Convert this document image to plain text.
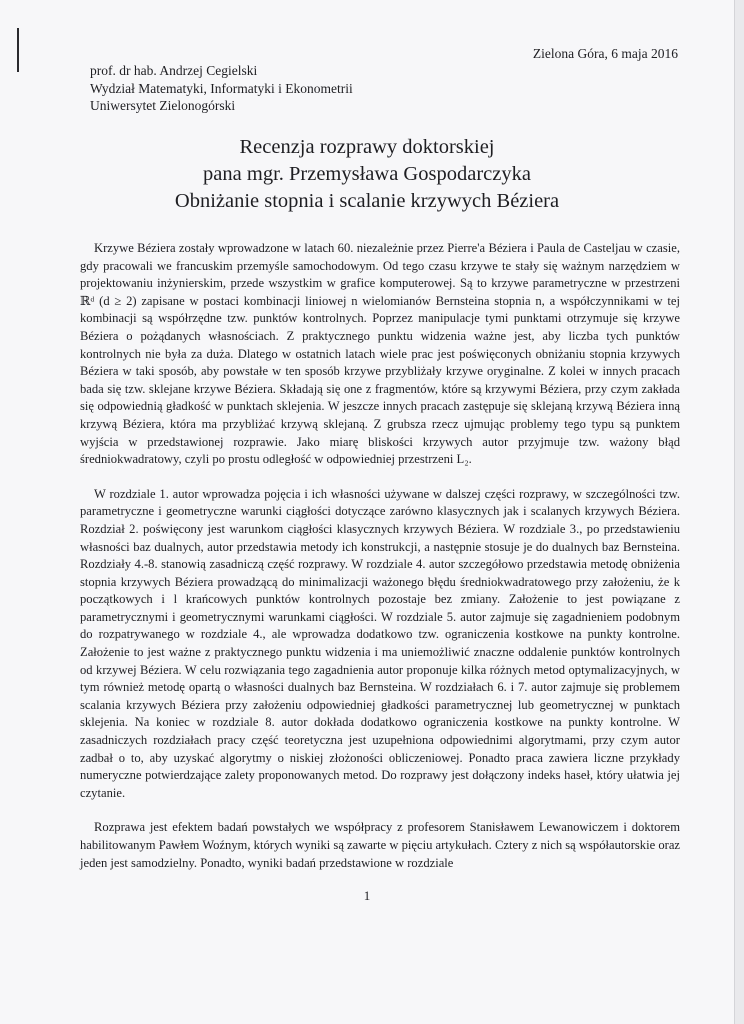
Zielona Góra, 6 maja 2016
prof. dr hab. Andrzej Cegielski
Wydział Matematyki, Informatyki i Ekonometrii
Uniwersytet Zielonogórski
Recenzja rozprawy doktorskiej
pana mgr. Przemysława Gospodarczyka
Obniżanie stopnia i scalanie krzywych Béziera

Krzywe Béziera zostały wprowadzone w latach 60. niezależnie przez Pierre'a Béziera i Paula de Casteljau w czasie, gdy pracowali we francuskim przemyśle samochodowym. Od tego czasu krzywe te stały się ważnym narzędziem w projektowaniu inżynierskim, przede wszystkim w grafice komputerowej. Są to krzywe parametryczne w przestrzeni ℝᵈ (d ≥ 2) zapisane w postaci kombinacji liniowej n wielomianów Bernsteina stopnia n, a współczynnikami w tej kombinacji są współrzędne tzw. punktów kontrolnych. Poprzez manipulacje tymi punktami otrzymuje się krzywe Béziera o pożądanych własnościach. Z praktycznego punktu widzenia ważne jest, aby liczba tych punktów kontrolnych nie była za duża. Dlatego w ostatnich latach wiele prac jest poświęconych obniżaniu stopnia krzywych Béziera w taki sposób, aby powstałe w ten sposób krzywe przybliżały krzywe oryginalne. Z kolei w innych pracach bada się tzw. sklejane krzywe Béziera. Składają się one z fragmentów, które są krzywymi Béziera, przy czym zakłada się odpowiednią gładkość w punktach sklejenia. W jeszcze innych pracach zastępuje się sklejaną krzywą Béziera inną krzywą Béziera, która ma przybliżać krzywą sklejaną. Z grubsza rzecz ujmując problemy tego typu są punktem wyjścia w przedstawionej rozprawie. Jako miarę bliskości krzywych autor przyjmuje tzw. ważony błąd średniokwadratowy, czyli po prostu odległość w odpowiedniej przestrzeni L₂.

W rozdziale 1. autor wprowadza pojęcia i ich własności używane w dalszej części rozprawy, w szczególności tzw. parametryczne i geometryczne warunki ciągłości dotyczące zarówno klasycznych jak i scalanych krzywych Béziera. Rozdział 2. poświęcony jest warunkom ciągłości klasycznych krzywych Béziera. W rozdziale 3., po przedstawieniu własności baz dualnych, autor przedstawia metody ich konstrukcji, a następnie stosuje je do dualnych baz Bernsteina. Rozdziały 4.-8. stanowią zasadniczą część rozprawy. W rozdziale 4. autor szczegółowo przedstawia metodę obniżenia stopnia krzywych Béziera prowadzącą do minimalizacji ważonego błędu średniokwadratowego przy założeniu, że k początkowych i l krańcowych punktów kontrolnych pozostaje bez zmiany. Założenie to jest powiązane z parametrycznymi i geometrycznymi warunkami ciągłości. W rozdziale 5. autor zajmuje się zagadnieniem podobnym do rozpatrywanego w rozdziale 4., ale wprowadza dodatkowo tzw. ograniczenia kostkowe na punkty kontrolne. Założenie to jest ważne z praktycznego punktu widzenia i ma uniemożliwić znaczne oddalenie punktów kontrolnych od krzywej Béziera. W celu rozwiązania tego zagadnienia autor proponuje kilka różnych metod optymalizacyjnych, w tym również metodę opartą o własności dualnych baz Bernsteina. W rozdziałach 6. i 7. autor zajmuje się problemem scalania krzywych Béziera przy założeniu odpowiedniej gładkości parametrycznej lub geometrycznej w punktach sklejenia. Na koniec w rozdziale 8. autor dokłada dodatkowo ograniczenia kostkowe na punkty kontrolne. W zasadniczych rozdziałach pracy część teoretyczna jest uzupełniona odpowiednimi algorytmami, przy czym autor zadbał o to, aby uzyskać algorytmy o niskiej złożoności obliczeniowej. Ponadto praca zawiera liczne przykłady numeryczne potwierdzające zalety proponowanych metod. Do rozprawy jest dołączony indeks haseł, który ułatwia jej czytanie.

Rozprawa jest efektem badań powstałych we współpracy z profesorem Stanisławem Lewanowiczem i doktorem habilitowanym Pawłem Woźnym, których wyniki są zawarte w pięciu artykułach. Cztery z nich są współautorskie oraz jeden jest samodzielny. Ponadto, wyniki badań przedstawione w rozdziale

1
